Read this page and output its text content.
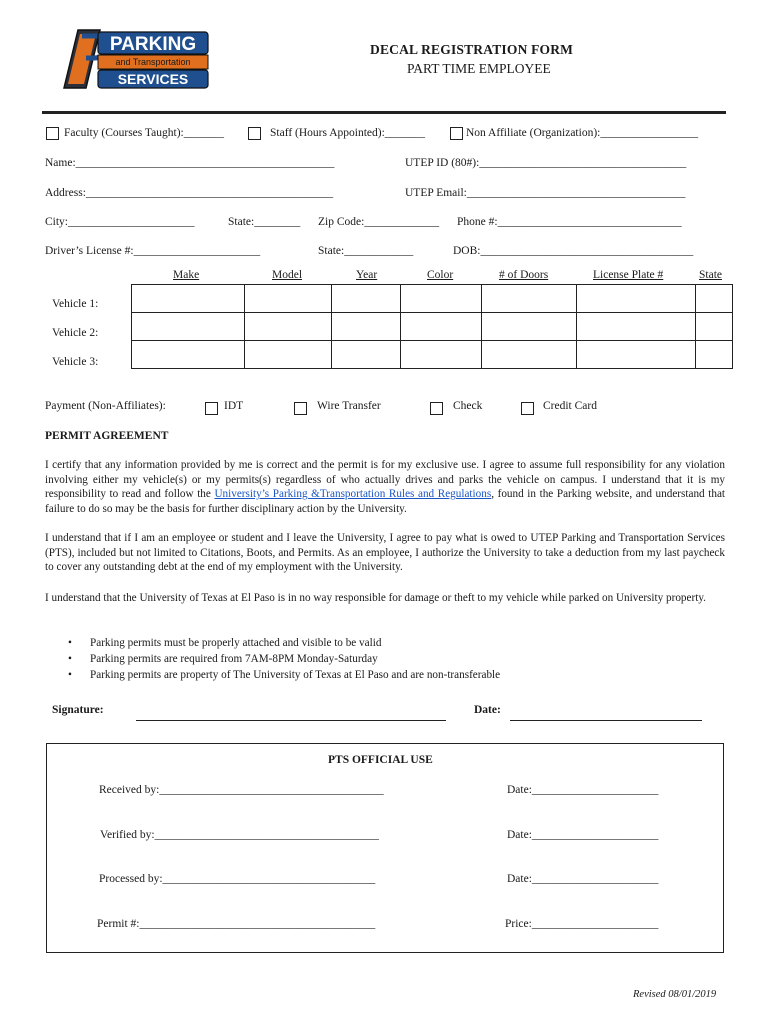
PARKING
and Transportation
SERVICES
DECAL REGISTRATION FORM
PART TIME EMPLOYEE
Faculty (Courses Taught):_______	Staff (Hours Appointed):_______	Non Affiliate (Organization):_________________
Name:_____________________________________________	UTEP ID (80#):____________________________________
Address:___________________________________________	UTEP Email:______________________________________
City:______________________	State:________ Zip Code:_____________ Phone #:________________________________
Driver’s License #:______________________	State:____________	DOB:_____________________________________
Make	Model	Year	Color	# of Doors	License Plate #	State
Vehicle 1:
Vehicle 2:
Vehicle 3:

Payment (Non-Affiliates):	IDT	Wire Transfer	Check	Credit Card
PERMIT AGREEMENT
I certify that any information provided by me is correct and the permit is for my exclusive use. I agree to assume full responsibility for any violation involving either my vehicle(s) or my permits(s) regardless of who actually drives and parks the vehicle on campus. I understand that it is my responsibility to read and follow the University’s Parking &Transportation Rules and Regulations, found in the Parking website, and understand that failure to do so may be the basis for further disciplinary action by the University.
I understand that if I am an employee or student and I leave the University, I agree to pay what is owed to UTEP Parking and Transportation Services (PTS), included but not limited to Citations, Boots, and Permits. As an employee, I authorize the University to take a deduction from my last paycheck to cover any outstanding debt at the end of my employment with the University.
I understand that the University of Texas at El Paso is in no way responsible for damage or theft to my vehicle while parked on University property.
• Parking permits must be properly attached and visible to be valid
• Parking permits are required from 7AM-8PM Monday-Saturday
• Parking permits are property of The University of Texas at El Paso and are non-transferable
Signature:	Date:
PTS OFFICIAL USE
Received by:_______________________________________	Date:______________________
Verified by:_______________________________________	Date:______________________
Processed by:_____________________________________	Date:______________________
Permit #:_________________________________________	Price:______________________
Revised 08/01/2019
